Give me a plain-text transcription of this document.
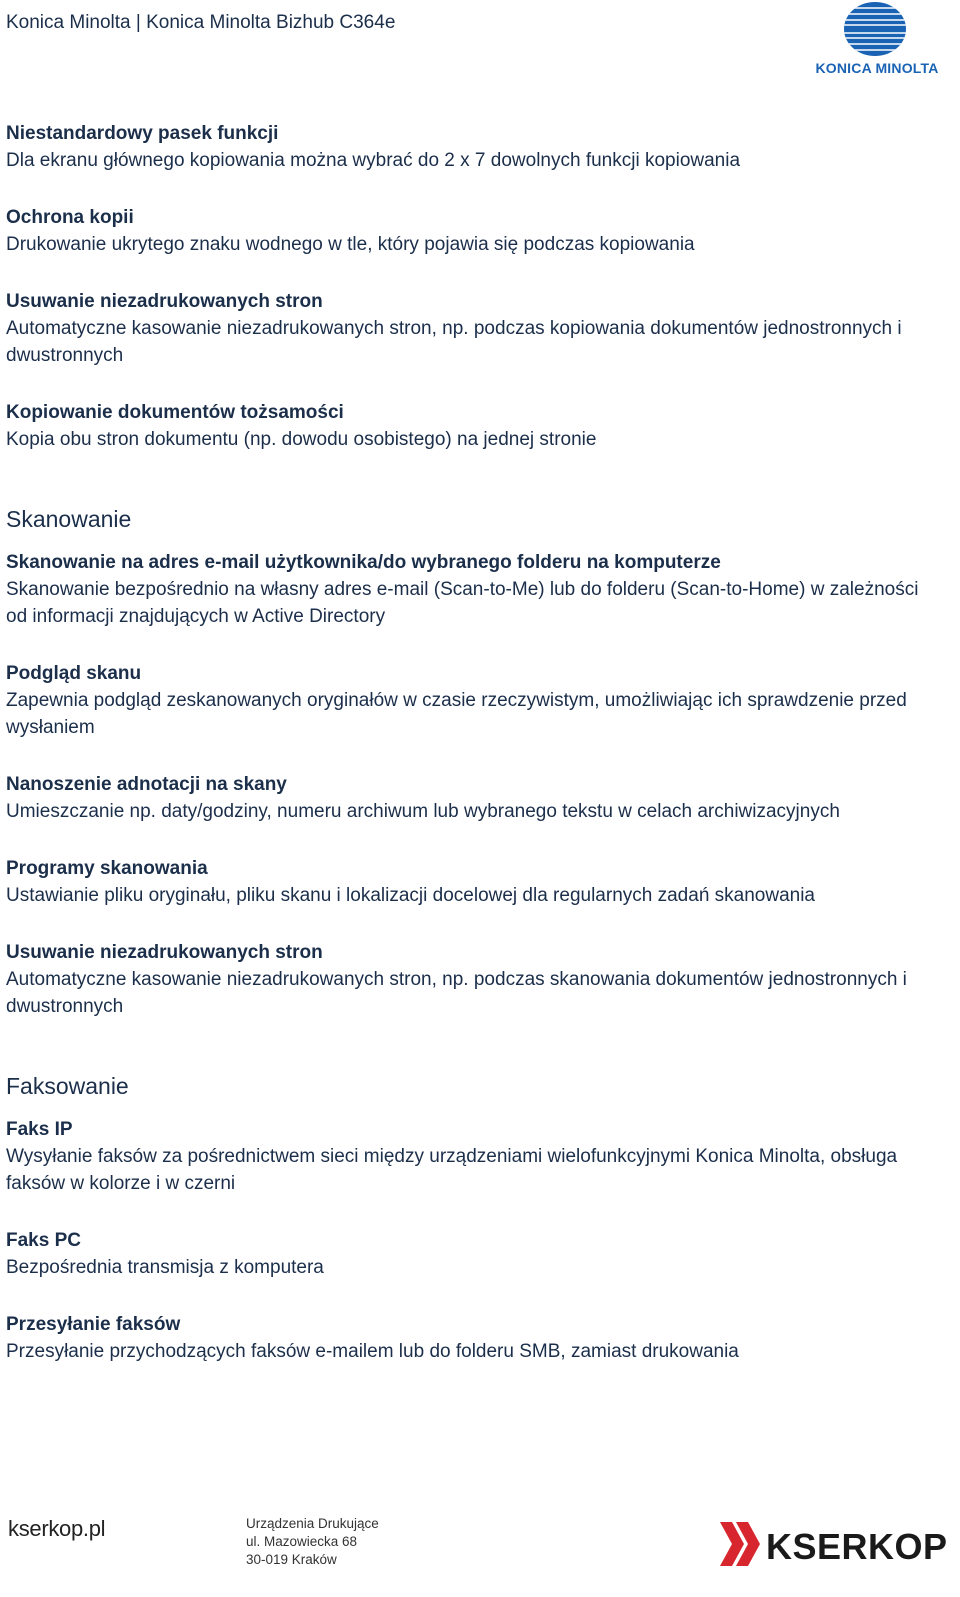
Konica Minolta | Konica Minolta Bizhub C364e
KONICA MINOLTA
Niestandardowy pasek funkcji
Dla ekranu głównego kopiowania można wybrać do 2 x 7 dowolnych funkcji kopiowania
Ochrona kopii
Drukowanie ukrytego znaku wodnego w tle, który pojawia się podczas kopiowania
Usuwanie niezadrukowanych stron
Automatyczne kasowanie niezadrukowanych stron, np. podczas kopiowania dokumentów jednostronnych i dwustronnych
Kopiowanie dokumentów tożsamości
Kopia obu stron dokumentu (np. dowodu osobistego) na jednej stronie
Skanowanie
Skanowanie na adres e-mail użytkownika/do wybranego folderu na komputerze
Skanowanie bezpośrednio na własny adres e-mail (Scan-to-Me) lub do folderu (Scan-to-Home) w zależności od informacji znajdujących w Active Directory
Podgląd skanu
Zapewnia podgląd zeskanowanych oryginałów w czasie rzeczywistym, umożliwiając ich sprawdzenie przed wysłaniem
Nanoszenie adnotacji na skany
Umieszczanie np. daty/godziny, numeru archiwum lub wybranego tekstu w celach archiwizacyjnych
Programy skanowania
Ustawianie pliku oryginału, pliku skanu i lokalizacji docelowej dla regularnych zadań skanowania
Usuwanie niezadrukowanych stron
Automatyczne kasowanie niezadrukowanych stron, np. podczas skanowania dokumentów jednostronnych i dwustronnych
Faksowanie
Faks IP
Wysyłanie faksów za pośrednictwem sieci między urządzeniami wielofunkcyjnymi Konica Minolta, obsługa faksów w kolorze i w czerni
Faks PC
Bezpośrednia transmisja z komputera
Przesyłanie faksów
Przesyłanie przychodzących faksów e-mailem lub do folderu SMB, zamiast drukowania
kserkop.pl	Urządzenia Drukujące
ul. Mazowiecka 68
30-019 Kraków	KSERKOP
